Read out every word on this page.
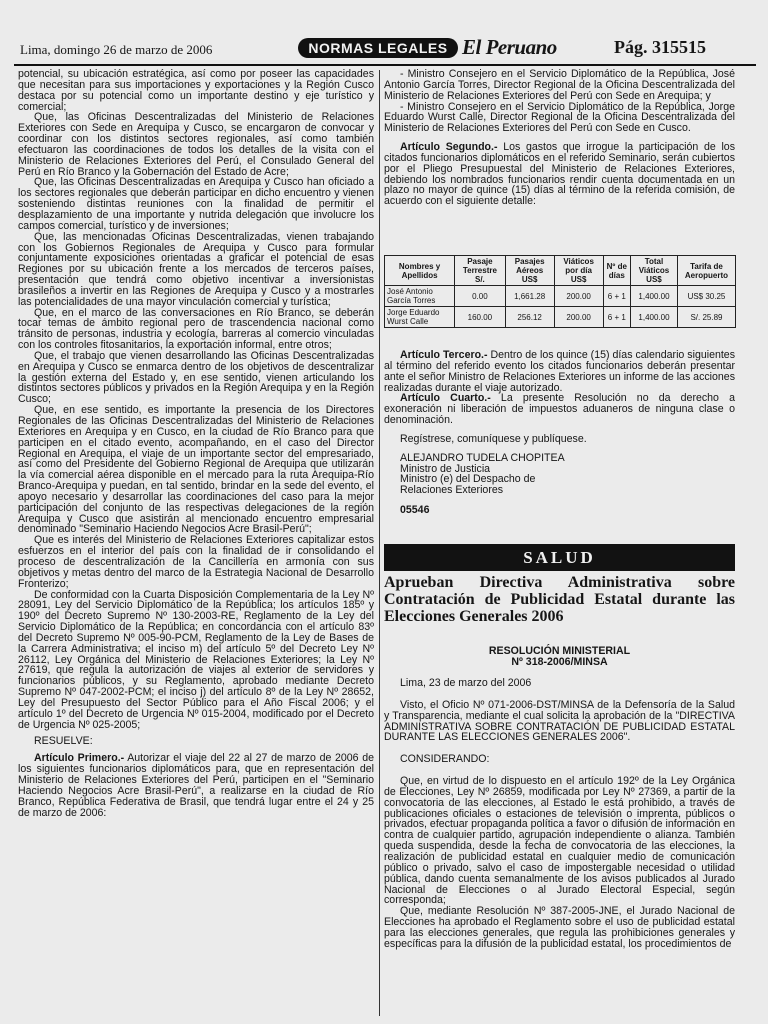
Lima, domingo 26 de marzo de 2006	NORMAS LEGALES El Peruano	Pág. 315515

potencial, su ubicación estratégica, así como por poseer las capacidades que necesitan para sus importaciones y exportaciones y la Región Cusco destaca por su potencial como un importante destino y eje turístico y comercial;

Que, las Oficinas Descentralizadas del Ministerio de Relaciones Exteriores con Sede en Arequipa y Cusco, se encargaron de convocar y coordinar con los distintos sectores regionales, así como también efectuaron las coordinaciones de todos los detalles de la visita con el Ministerio de Relaciones Exteriores del Perú, el Consulado General del Perú en Río Branco y la Gobernación del Estado de Acre;

Que, las Oficinas Descentralizadas en Arequipa y Cusco han oficiado a los sectores regionales que deberán participar en dicho encuentro y vienen sosteniendo distintas reuniones con la finalidad de permitir el desplazamiento de una importante y nutrida delegación que involucre los campos comercial, turístico y de inversiones;

Que, las mencionadas Oficinas Descentralizadas, vienen trabajando con los Gobiernos Regionales de Arequipa y Cusco para formular conjuntamente exposiciones orientadas a graficar el potencial de esas Regiones por su ubicación frente a los mercados de terceros países, presentación que tendrá como objetivo incentivar a inversionistas brasileños a invertir en las Regiones de Arequipa y Cusco y a mostrarles las potencialidades de una mayor vinculación comercial y turística;

Que, en el marco de las conversaciones en Río Branco, se deberán tocar temas de ámbito regional pero de trascendencia nacional como tránsito de personas, industria y ecología, barreras al comercio vinculadas con los controles fitosanitarios, la exportación informal, entre otros;

Que, el trabajo que vienen desarrollando las Oficinas Descentralizadas en Arequipa y Cusco se enmarca dentro de los objetivos de descentralizar la gestión externa del Estado y, en ese sentido, vienen articulando los distintos sectores públicos y privados en la Región Arequipa y en la Región Cusco;

Que, en ese sentido, es importante la presencia de los Directores Regionales de las Oficinas Descentralizadas del Ministerio de Relaciones Exteriores en Arequipa y en Cusco, en la ciudad de Río Branco para que participen en el citado evento, acompañando, en el caso del Director Regional en Arequipa, el viaje de un importante sector del empresariado, así como del Presidente del Gobierno Regional de Arequipa que utilizarán la vía comercial aérea disponible en el mercado para la ruta Arequipa-Río Branco-Arequipa y puedan, en tal sentido, brindar en la sede del evento, el apoyo necesario y desarrollar las coordinaciones del caso para la mejor participación del conjunto de las respectivas delegaciones de la región Arequipa y Cusco que asistirán al mencionado encuentro empresarial denominado "Seminario Haciendo Negocios Acre Brasil-Perú";

Que es interés del Ministerio de Relaciones Exteriores capitalizar estos esfuerzos en el interior del país con la finalidad de ir consolidando el proceso de descentralización de la Cancillería en armonía con sus objetivos y metas dentro del marco de la Estrategia Nacional de Desarrollo Fronterizo;

De conformidad con la Cuarta Disposición Complementaria de la Ley Nº 28091, Ley del Servicio Diplomático de la República; los artículos 185º y 190º del Decreto Supremo Nº 130-2003-RE, Reglamento de la Ley del Servicio Diplomático de la República; en concordancia con el artículo 83º del Decreto Supremo Nº 005-90-PCM, Reglamento de la Ley de Bases de la Carrera Administrativa; el inciso m) del artículo 5º del Decreto Ley Nº 26112, Ley Orgánica del Ministerio de Relaciones Exteriores; la Ley Nº 27619, que regula la autorización de viajes al exterior de servidores y funcionarios públicos, y su Reglamento, aprobado mediante Decreto Supremo Nº 047-2002-PCM; el inciso j) del artículo 8º de la Ley Nº 28652, Ley del Presupuesto del Sector Público para el Año Fiscal 2006; y el artículo 1º del Decreto de Urgencia Nº 015-2004, modificado por el Decreto de Urgencia Nº 025-2005;

RESUELVE:

Artículo Primero.- Autorizar el viaje del 22 al 27 de marzo de 2006 de los siguientes funcionarios diplomáticos para, que en representación del Ministerio de Relaciones Exteriores del Perú, participen en el "Seminario Haciendo Negocios Acre Brasil-Perú", a realizarse en la ciudad de Río Branco, República Federativa de Brasil, que tendrá lugar entre el 24 y 25 de marzo de 2006:

- Ministro Consejero en el Servicio Diplomático de la República, José Antonio García Torres, Director Regional de la Oficina Descentralizada del Ministerio de Relaciones Exteriores del Perú con Sede en Arequipa; y

- Ministro Consejero en el Servicio Diplomático de la República, Jorge Eduardo Wurst Calle, Director Regional de la Oficina Descentralizada del Ministerio de Relaciones Exteriores del Perú con Sede en Cusco.

Artículo Segundo.- Los gastos que irrogue la participación de los citados funcionarios diplomáticos en el referido Seminario, serán cubiertos por el Pliego Presupuestal del Ministerio de Relaciones Exteriores, debiendo los nombrados funcionarios rendir cuenta documentada en un plazo no mayor de quince (15) días al término de la referida comisión, de acuerdo con el siguiente detalle:

Nombres y Apellidos	Pasaje Terrestre S/.	Pasajes Aéreos US$	Viáticos por día US$	Nº de días	Total Viáticos US$	Tarifa de Aeropuerto
José Antonio García Torres	0.00	1,661.28	200.00	6 + 1	1,400.00	US$ 30.25
Jorge Eduardo Wurst Calle	160.00	256.12	200.00	6 + 1	1,400.00	S/. 25.89

Artículo Tercero.- Dentro de los quince (15) días calendario siguientes al término del referido evento los citados funcionarios deberán presentar ante el señor Ministro de Relaciones Exteriores un informe de las acciones realizadas durante el viaje autorizado.

Artículo Cuarto.- La presente Resolución no da derecho a exoneración ni liberación de impuestos aduaneros de ninguna clase o denominación.

Regístrese, comuníquese y publíquese.

ALEJANDRO TUDELA CHOPITEA

Ministro de Justicia

Ministro (e) del Despacho de

Relaciones Exteriores

05546

SALUD
Aprueban Directiva Administrativa sobre Contratación de Publicidad Estatal durante las Elecciones Generales 2006
RESOLUCIÓN MINISTERIAL
Nº 318-2006/MINSA

Lima, 23 de marzo del 2006

Visto, el Oficio Nº 071-2006-DST/MINSA de la Defensoría de la Salud y Transparencia, mediante el cual solicita la aprobación de la "DIRECTIVA ADMINISTRATIVA SOBRE CONTRATACIÓN DE PUBLICIDAD ESTATAL DURANTE LAS ELECCIONES GENERALES 2006".

CONSIDERANDO:

Que, en virtud de lo dispuesto en el artículo 192º de la Ley Orgánica de Elecciones, Ley Nº 26859, modificada por Ley Nº 27369, a partir de la convocatoria de las elecciones, al Estado le está prohibido, a través de publicaciones oficiales o estaciones de televisión o imprenta, públicos o privados, efectuar propaganda política a favor o difusión de información en contra de cualquier partido, agrupación independiente o alianza. También queda suspendida, desde la fecha de convocatoria de las elecciones, la realización de publicidad estatal en cualquier medio de comunicación público o privado, salvo el caso de impostergable necesidad o utilidad pública, dando cuenta semanalmente de los avisos publicados al Jurado Nacional de Elecciones o al Jurado Electoral Especial, según corresponda;

Que, mediante Resolución Nº 387-2005-JNE, el Jurado Nacional de Elecciones ha aprobado el Reglamento sobre el uso de publicidad estatal para las elecciones generales, que regula las prohibiciones generales y específicas para la difusión de la publicidad estatal, los procedimientos de
